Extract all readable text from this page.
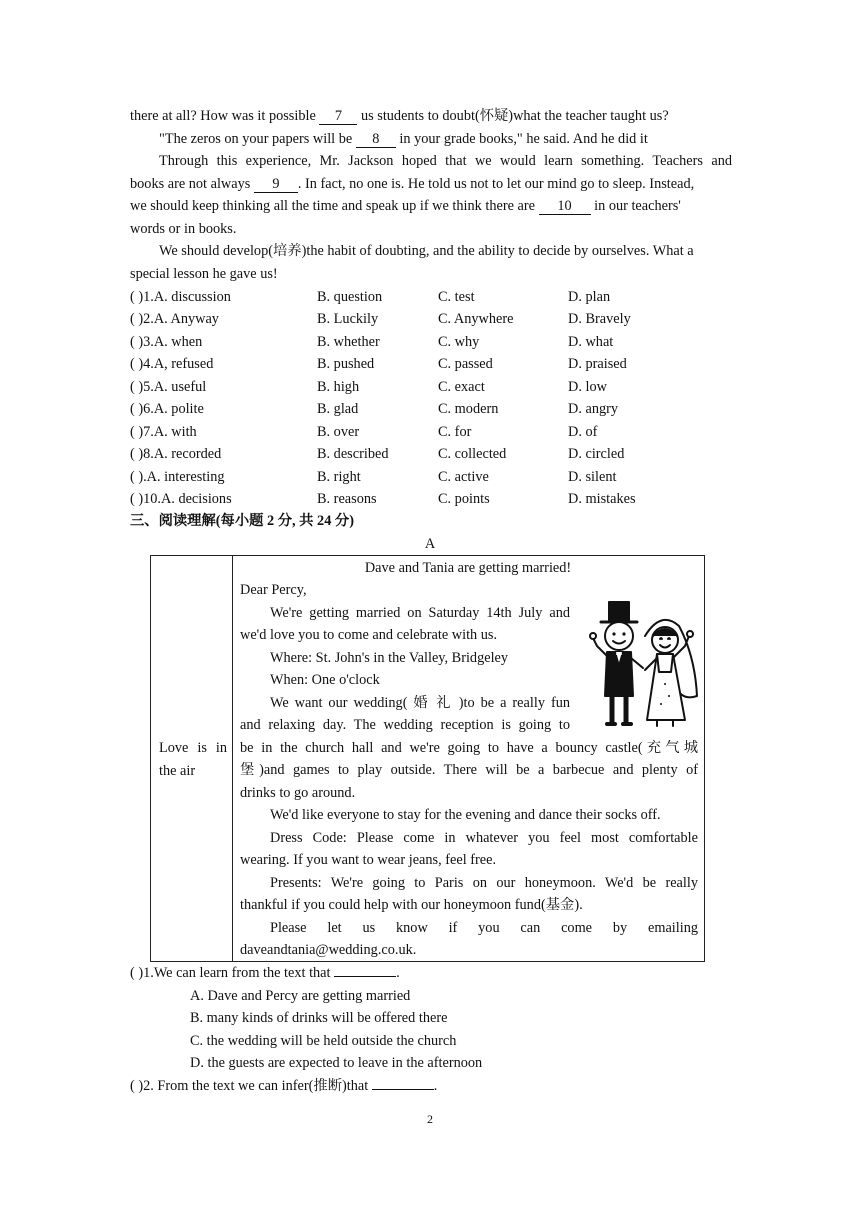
there at all? How was it possible 7 us students to doubt(怀疑)what the teacher taught us?
"The zeros on your papers will be 8 in your grade books," he said. And he did it
Through this experience, Mr. Jackson hoped that we would learn something. Teachers and
books are not always 9 . In fact, no one is. He told us not to let our mind go to sleep. Instead,
we should keep thinking all the time and speak up if we think there are 10 in our teachers'
words or in books.
We should develop(培养)the habit of doubting, and the ability to decide by ourselves. What a
special lesson he gave us!
( )1.A. discussion	B. question	C. test	D. plan
( )2.A. Anyway	B. Luckily	C. Anywhere	D. Bravely
( )3.A. when	B. whether	C. why	D. what
( )4.A, refused	B. pushed	C. passed	D. praised
( )5.A. useful	B. high	C. exact	D. low
( )6.A. polite	B. glad	C. modern	D. angry
( )7.A. with	B. over	C. for	D. of
( )8.A. recorded	B. described	C. collected	D. circled
( ).A. interesting	B. right	C. active	D. silent
( )10.A. decisions	B. reasons	C. points	D. mistakes
三、阅读理解(每小题 2 分, 共 24 分)
A
Love is in the air
Dave and Tania are getting married!
Dear Percy,
We're getting married on Saturday 14th July and
we'd love you to come and celebrate with us.
Where: St. John's in the Valley, Bridgeley
When: One o'clock
We want our wedding( 婚 礼 )to be a really fun
and relaxing day. The wedding reception is going to
be in the church hall and we're going to have a bouncy castle(充气城
堡)and games to play outside. There will be a barbecue and plenty of
drinks to go around.
We'd like everyone to stay for the evening and dance their socks off.
Dress Code: Please come in whatever you feel most comfortable
wearing. If you want to wear jeans, feel free.
Presents: We're going to Paris on our honeymoon. We'd be really
thankful if you could help with our honeymoon fund(基金).
Please let us know if you can come by emailing
daveandtania@wedding.co.uk.
( )1.We can learn from the text that	.
A. Dave and Percy are getting married
B. many kinds of drinks will be offered there
C. the wedding will be held outside the church
D. the guests are expected to leave in the afternoon
( )2. From the text we can infer(推断)that	.
2
